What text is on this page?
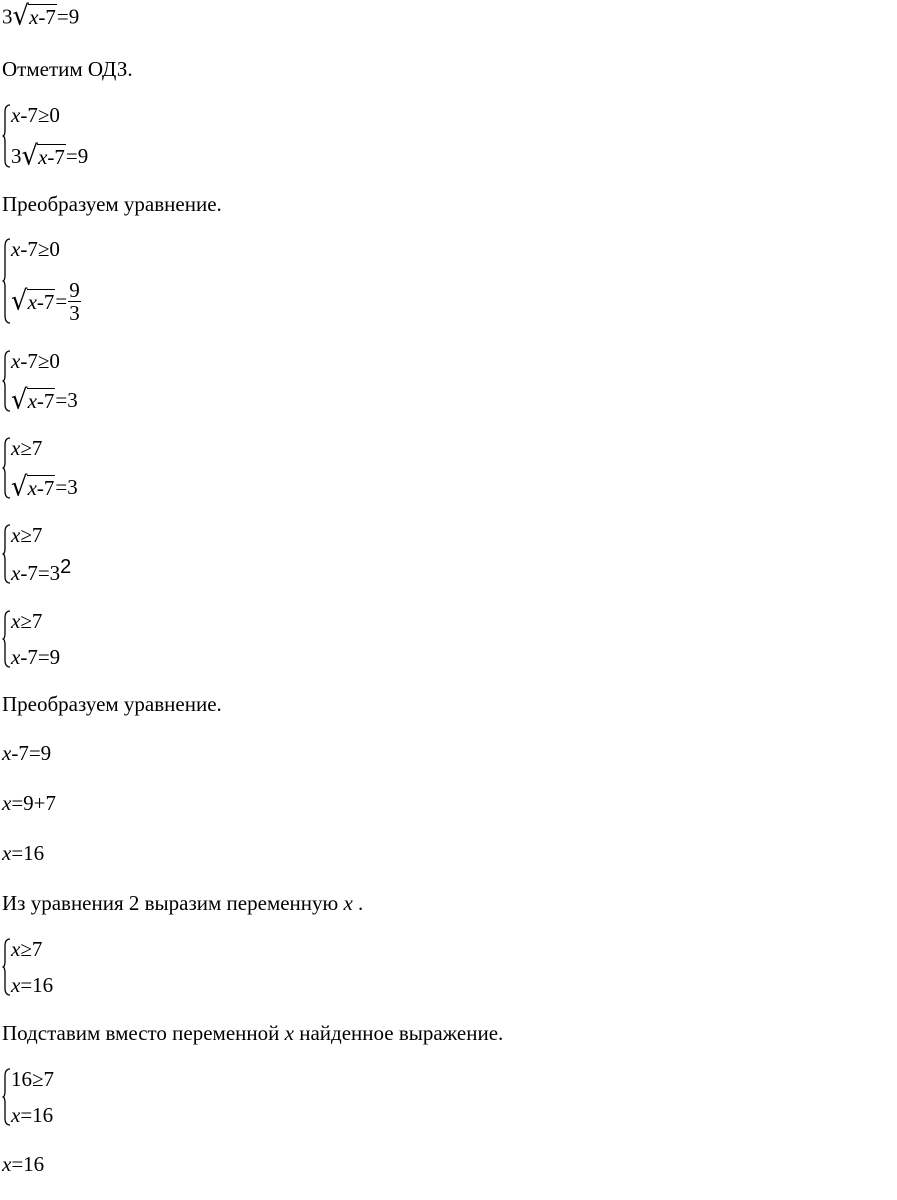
3 √ x-7 =9
Отметим ОДЗ.
x -7≥0
3 √ x-7 =9
Преобразуем уравнение.
x -7≥0
√ $x-7 = \frac{9}{3}$
x -7≥0
√ x-7 =3
x ≥7
√ x-7 =3
x ≥7
x -7 =3 2
x ≥7
x -7=9
Преобразуем уравнение.
x-7=9
x=9+7
x=16
Из уравнения 2 выразим переменную x .
x ≥7
x =16
Подставим вместо переменной x найденное выражение.
16≥7
x =16
x=16
